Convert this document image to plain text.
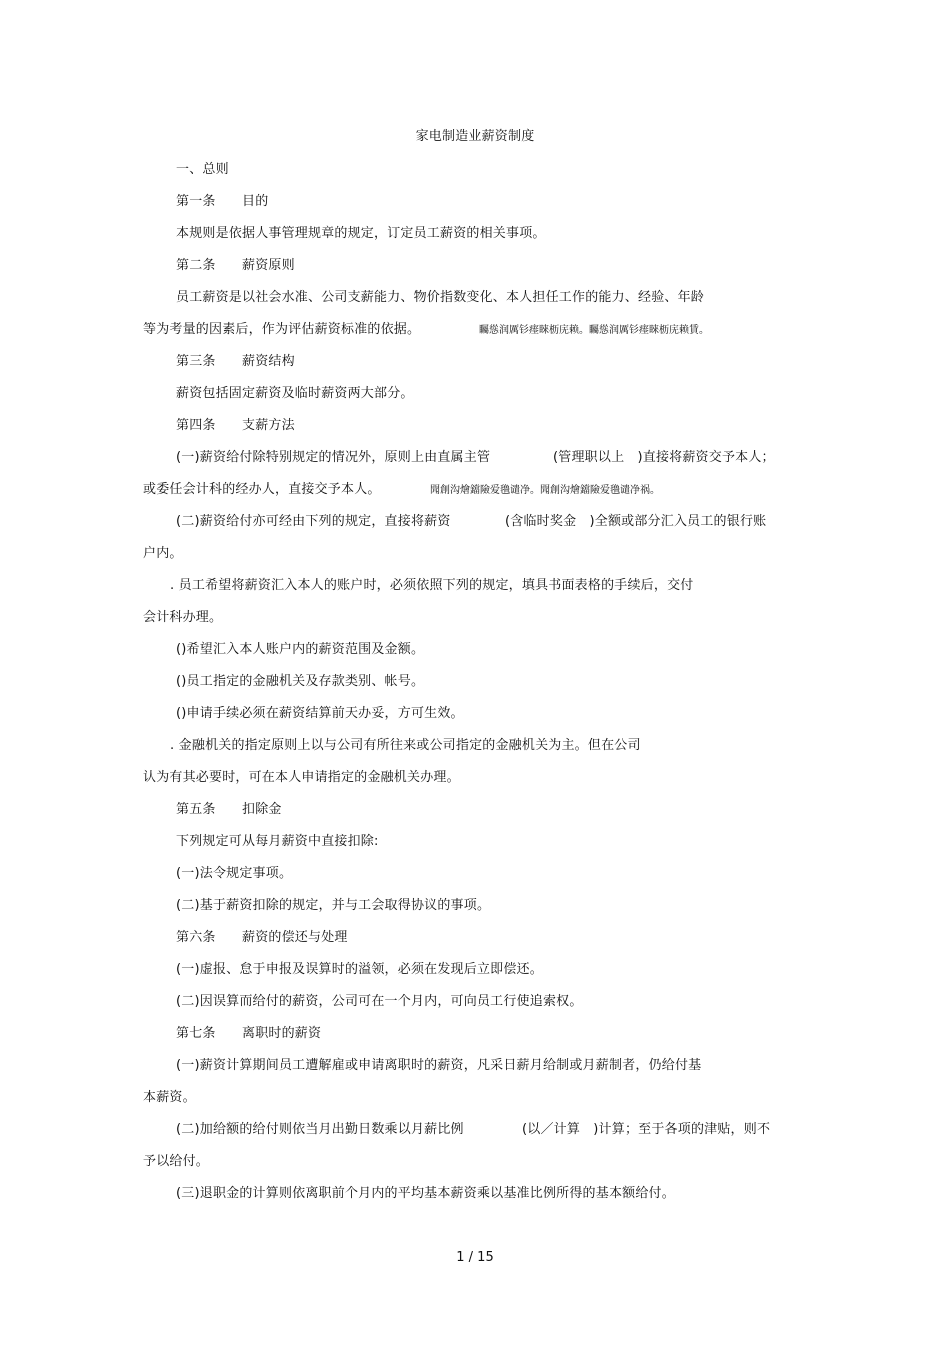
家电制造业薪资制度
一、总则
第一条　　目的
本规则是依据人事管理规章的规定，订定员工薪资的相关事项。
第二条　　薪资原则
员工薪资是以社会水准、公司支薪能力、物价指数变化、本人担任工作的能力、经验、年龄
等为考量的因素后，作为评估薪资标准的依据。	矚慫润厲钐瘗睞枥庑赖。矚慫润厲钐瘗睞枥庑赖賃。
第三条　　薪资结构
薪资包括固定薪资及临时薪资两大部分。
第四条　　支薪方法
(一)薪资给付除特别规定的情况外，原则上由直属主管	(管理职以上　)直接将薪资交予本人；
或委任会计科的经办人，直接交予本人。	聞創沟燴鐺險爱氇谴净。聞創沟燴鐺險爱氇谴净祸。
(二)薪资给付亦可经由下列的规定，直接将薪资	(含临时奖金　)全额或部分汇入员工的银行账
户内。
. 员工希望将薪资汇入本人的账户时，必须依照下列的规定，填具书面表格的手续后，交付
会计科办理。
()希望汇入本人账户内的薪资范围及金额。
()员工指定的金融机关及存款类别、帐号。
()申请手续必须在薪资结算前天办妥，方可生效。
. 金融机关的指定原则上以与公司有所往来或公司指定的金融机关为主。但在公司
认为有其必要时，可在本人申请指定的金融机关办理。
第五条　　扣除金
下列规定可从每月薪资中直接扣除:
(一)法令规定事项。
(二)基于薪资扣除的规定，并与工会取得协议的事项。
第六条　　薪资的偿还与处理
(一)虚报、怠于申报及误算时的溢领，必须在发现后立即偿还。
(二)因误算而给付的薪资，公司可在一个月内，可向员工行使追索权。
第七条　　离职时的薪资
(一)薪资计算期间员工遭解雇或申请离职时的薪资，凡采日薪月给制或月薪制者，仍给付基
本薪资。
(二)加给额的给付则依当月出勤日数乘以月薪比例	(以／计算　)计算；至于各项的津贴，则不
予以给付。
(三)退职金的计算则依离职前个月内的平均基本薪资乘以基准比例所得的基本额给付。
1 / 15
